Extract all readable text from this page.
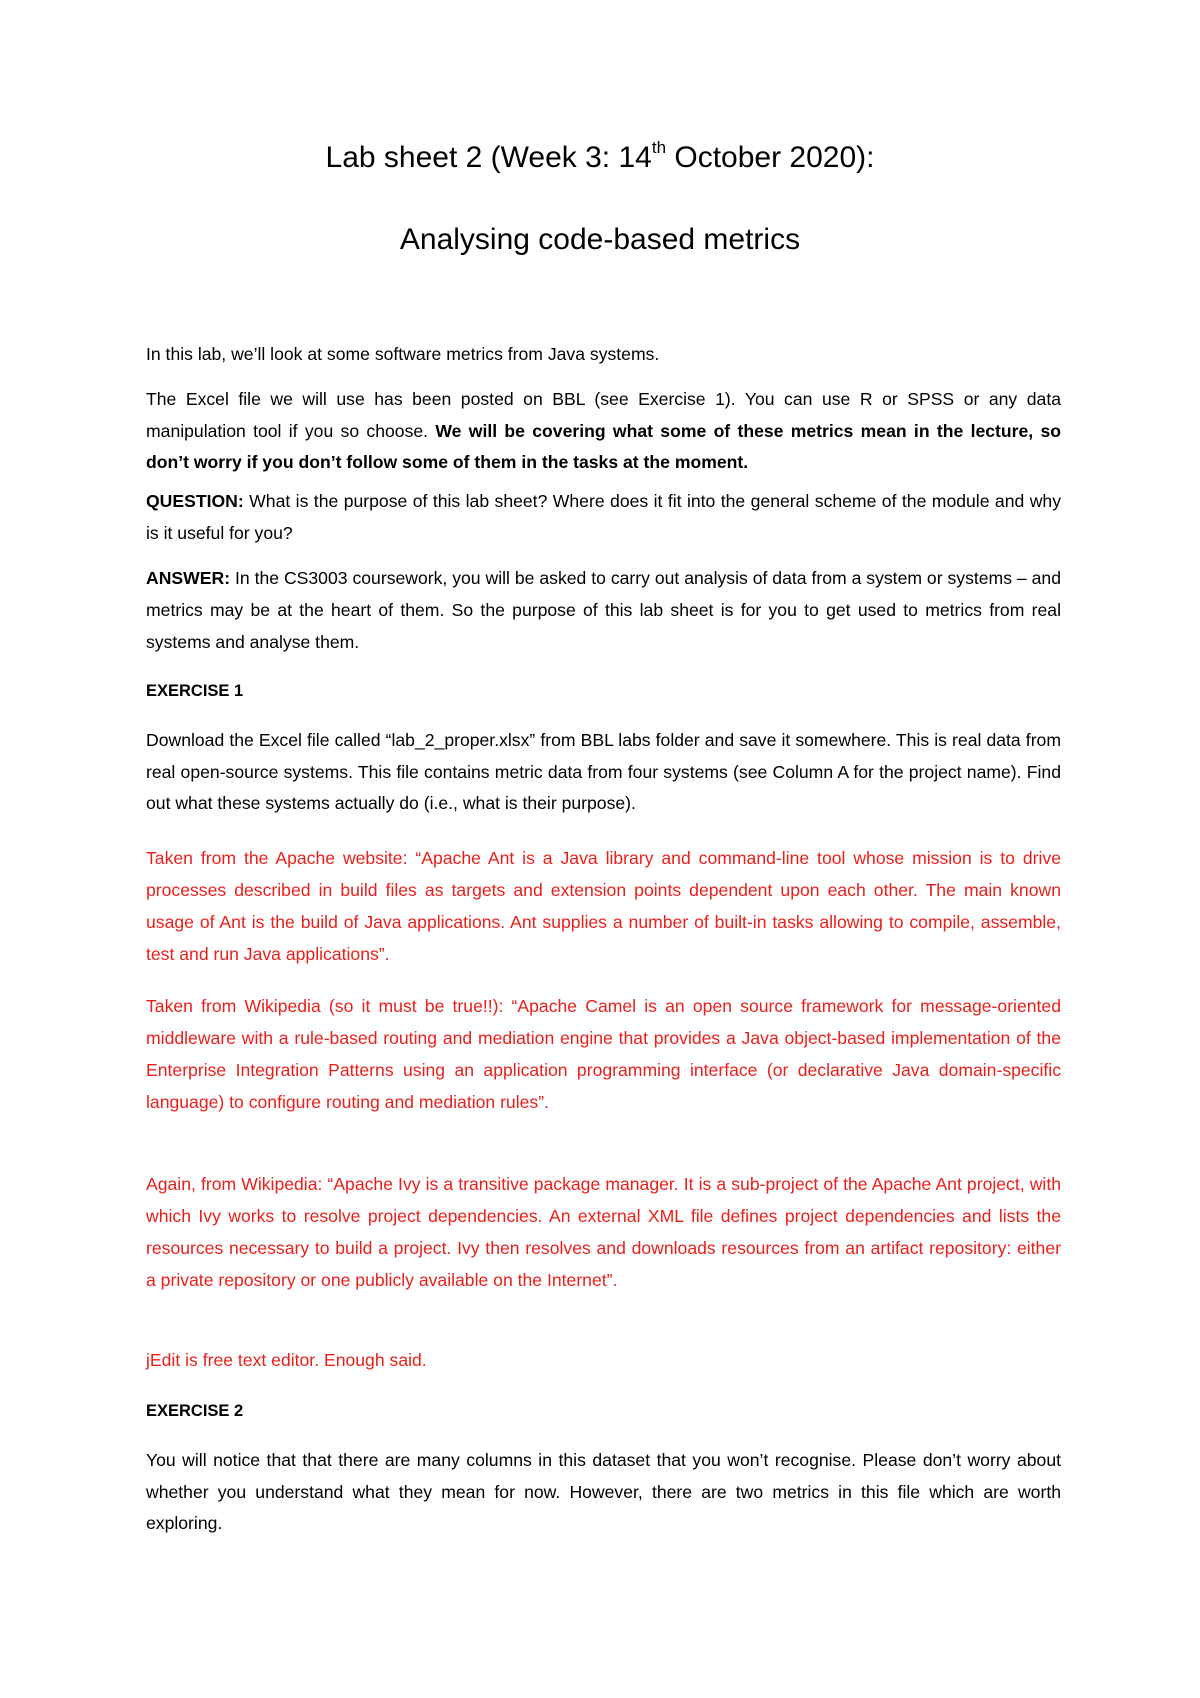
Lab sheet 2 (Week 3: 14th October 2020):
Analysing code-based metrics
In this lab, we’ll look at some software metrics from Java systems.
The Excel file we will use has been posted on BBL (see Exercise 1). You can use R or SPSS or any data manipulation tool if you so choose. We will be covering what some of these metrics mean in the lecture, so don’t worry if you don’t follow some of them in the tasks at the moment.
QUESTION: What is the purpose of this lab sheet? Where does it fit into the general scheme of the module and why is it useful for you?
ANSWER: In the CS3003 coursework, you will be asked to carry out analysis of data from a system or systems – and metrics may be at the heart of them. So the purpose of this lab sheet is for you to get used to metrics from real systems and analyse them.
EXERCISE 1
Download the Excel file called “lab_2_proper.xlsx” from BBL labs folder and save it somewhere. This is real data from real open-source systems. This file contains metric data from four systems (see Column A for the project name). Find out what these systems actually do (i.e., what is their purpose).
Taken from the Apache website: “Apache Ant is a Java library and command-line tool whose mission is to drive processes described in build files as targets and extension points dependent upon each other. The main known usage of Ant is the build of Java applications. Ant supplies a number of built-in tasks allowing to compile, assemble, test and run Java applications”.
Taken from Wikipedia (so it must be true!!): “Apache Camel is an open source framework for message-oriented middleware with a rule-based routing and mediation engine that provides a Java object-based implementation of the Enterprise Integration Patterns using an application programming interface (or declarative Java domain-specific language) to configure routing and mediation rules”.
Again, from Wikipedia: “Apache Ivy is a transitive package manager. It is a sub-project of the Apache Ant project, with which Ivy works to resolve project dependencies. An external XML file defines project dependencies and lists the resources necessary to build a project. Ivy then resolves and downloads resources from an artifact repository: either a private repository or one publicly available on the Internet”.
jEdit is free text editor. Enough said.
EXERCISE 2
You will notice that that there are many columns in this dataset that you won’t recognise. Please don’t worry about whether you understand what they mean for now. However, there are two metrics in this file which are worth exploring.
